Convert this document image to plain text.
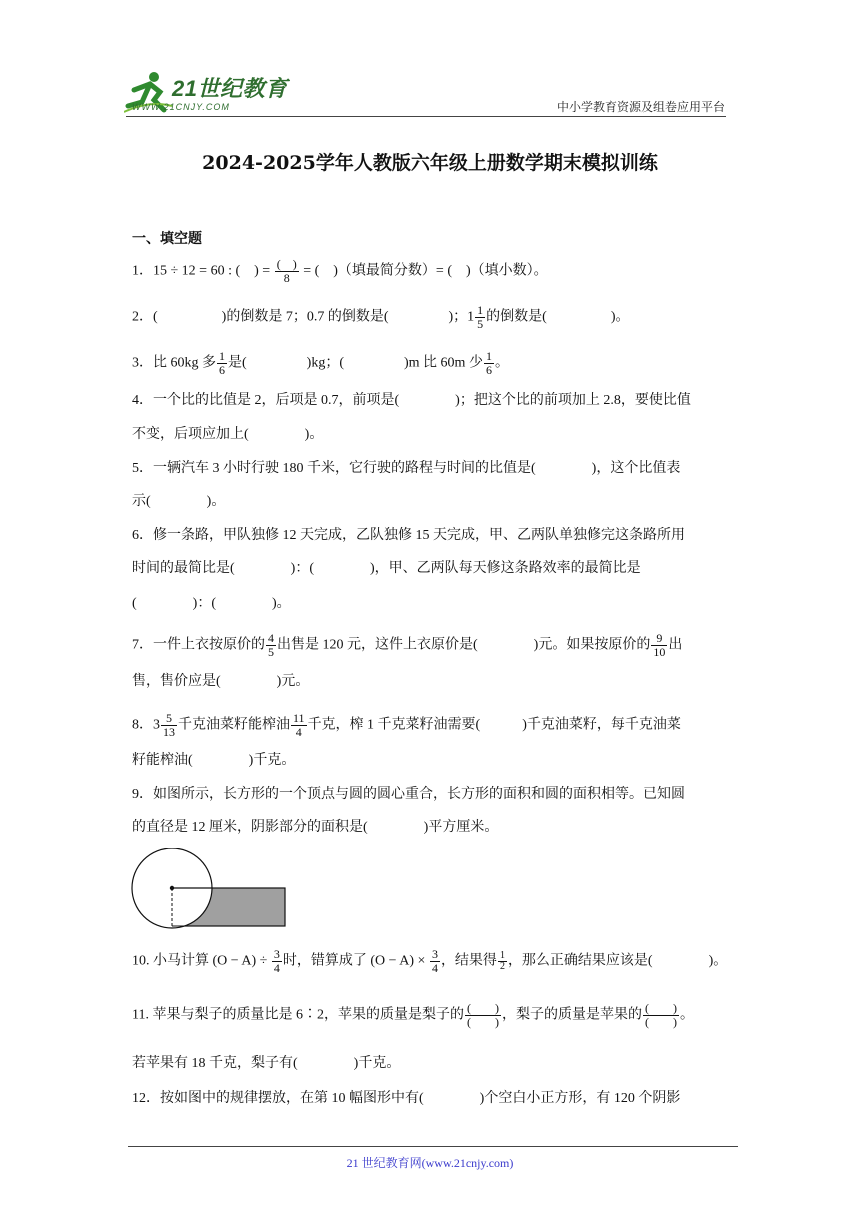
21世纪教育
WWW.21CNJY.COM	中小学教育资源及组卷应用平台
2024-2025学年人教版六年级上册数学期末模拟训练
一、填空题
1．15 ÷ 12 = 60 : (　) = $\frac{( )}{8}$ = (　)（填最简分数）= (　)（填小数）。
2．(	)的倒数是 7；0.7 的倒数是(	)；$1 \frac{1}{5}$ 的倒数是(	)。
3．比 60kg 多 $\frac{1}{6}$ 是(	)kg；(	)m 比 60m 少 $\frac{1}{6}$ 。
4．一个比的比值是 2，后项是 0.7，前项是(　　　　)；把这个比的前项加上 2.8，要使比值
不变，后项应加上(　　　　)。
5．一辆汽车 3 小时行驶 180 千米，它行驶的路程与时间的比值是(　　　　)，这个比值表
示(　　　　)。
6．修一条路，甲队独修 12 天完成，乙队独修 15 天完成，甲、乙两队单独修完这条路所用
时间的最简比是(　　　　)：(　　　　)，甲、乙两队每天修这条路效率的最简比是
(　　　　)：(　　　　)。
7．一件上衣按原价的 $\frac{4}{5}$ 出售是 120 元，这件上衣原价是(　　　　)元。如果按原价的 $\frac{9}{10}$ 出
售，售价应是(　　　　)元。
8．$3 \frac{5}{13}$ 千克油菜籽能榨油 $\frac{11}{4}$ 千克，榨 1 千克菜籽油需要(　　　)千克油菜籽，每千克油菜
籽能榨油(　　　　)千克。
9．如图所示，长方形的一个顶点与圆的圆心重合，长方形的面积和圆的面积相等。已知圆
的直径是 12 厘米，阴影部分的面积是(　　　　)平方厘米。
10. 小马计算 $(O - A) \div \frac{3}{4}$ 时，错算成了 $(O - A) \times \frac{3}{4}$ ，结果得 $\frac{1}{2}$ ，那么正确结果应该是(　　　　)。
11. 苹果与梨子的质量比是 6∶2，苹果的质量是梨子的 $\frac{( )}{( )}$ ，梨子的质量是苹果的 $\frac{( )}{( )}$ 。
若苹果有 18 千克，梨子有(　　　　)千克。
12．按如图中的规律摆放，在第 10 幅图形中有(　　　　)个空白小正方形，有 120 个阴影
21 世纪教育网(www.21cnjy.com)
